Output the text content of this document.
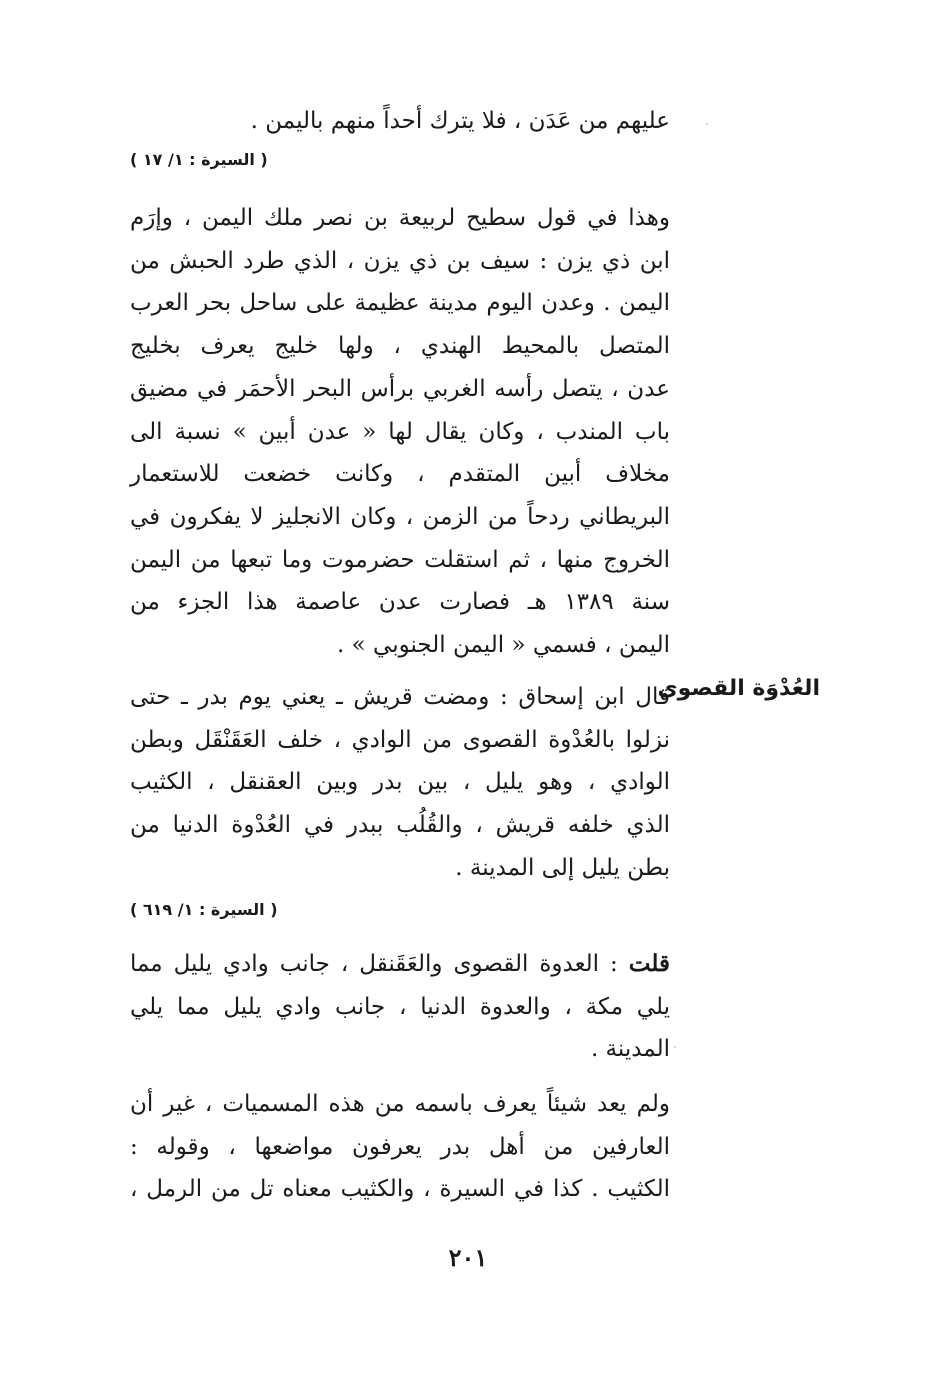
عليهم من عَدَن ، فلا يترك أحداً منهم باليمن .
( السيرة : ١/ ١٧ )
وهذا في قول سطيح لربيعة بن نصر ملك اليمن ، وإرَم
ابن ذي يزن : سيف بن ذي يزن ، الذي طرد الحبش من
اليمن . وعدن اليوم مدينة عظيمة على ساحل بحر العرب
المتصل بالمحيط الهندي ، ولها خليج يعرف بخليج
عدن ، يتصل رأسه الغربي برأس البحر الأحمَر في مضيق
باب المندب ، وكان يقال لها « عدن أبين » نسبة الى
مخلاف أبين المتقدم ، وكانت خضعت للاستعمار
البريطاني ردحاً من الزمن ، وكان الانجليز لا يفكرون في
الخروج منها ، ثم استقلت حضرموت وما تبعها من اليمن
سنة ١٣٨٩ هـ فصارت عدن عاصمة هذا الجزء من
اليمن ، فسمي « اليمن الجنوبي » .
العُدْوَة القصوى
قال ابن إسحاق : ومضت قريش ـ يعني يوم بدر ـ حتى
نزلوا بالعُدْوة القصوى من الوادي ، خلف العَقَنْقَل وبطن
الوادي ، وهو يليل ، بين بدر وبين العقنقل ، الكثيب
الذي خلفه قريش ، والقُلُب ببدر في العُدْوة الدنيا من
بطن يليل إلى المدينة .
( السيرة : ١/ ٦١٩ )
قلت : العدوة القصوى والعَقَنقل ، جانب وادي يليل مما
يلي مكة ، والعدوة الدنيا ، جانب وادي يليل مما يلي
المدينة .
ولم يعد شيئاً يعرف باسمه من هذه المسميات ، غير أن
العارفين من أهل بدر يعرفون مواضعها ، وقوله :
الكثيب . كذا في السيرة ، والكثيب معناه تل من الرمل ،
٢٠١
